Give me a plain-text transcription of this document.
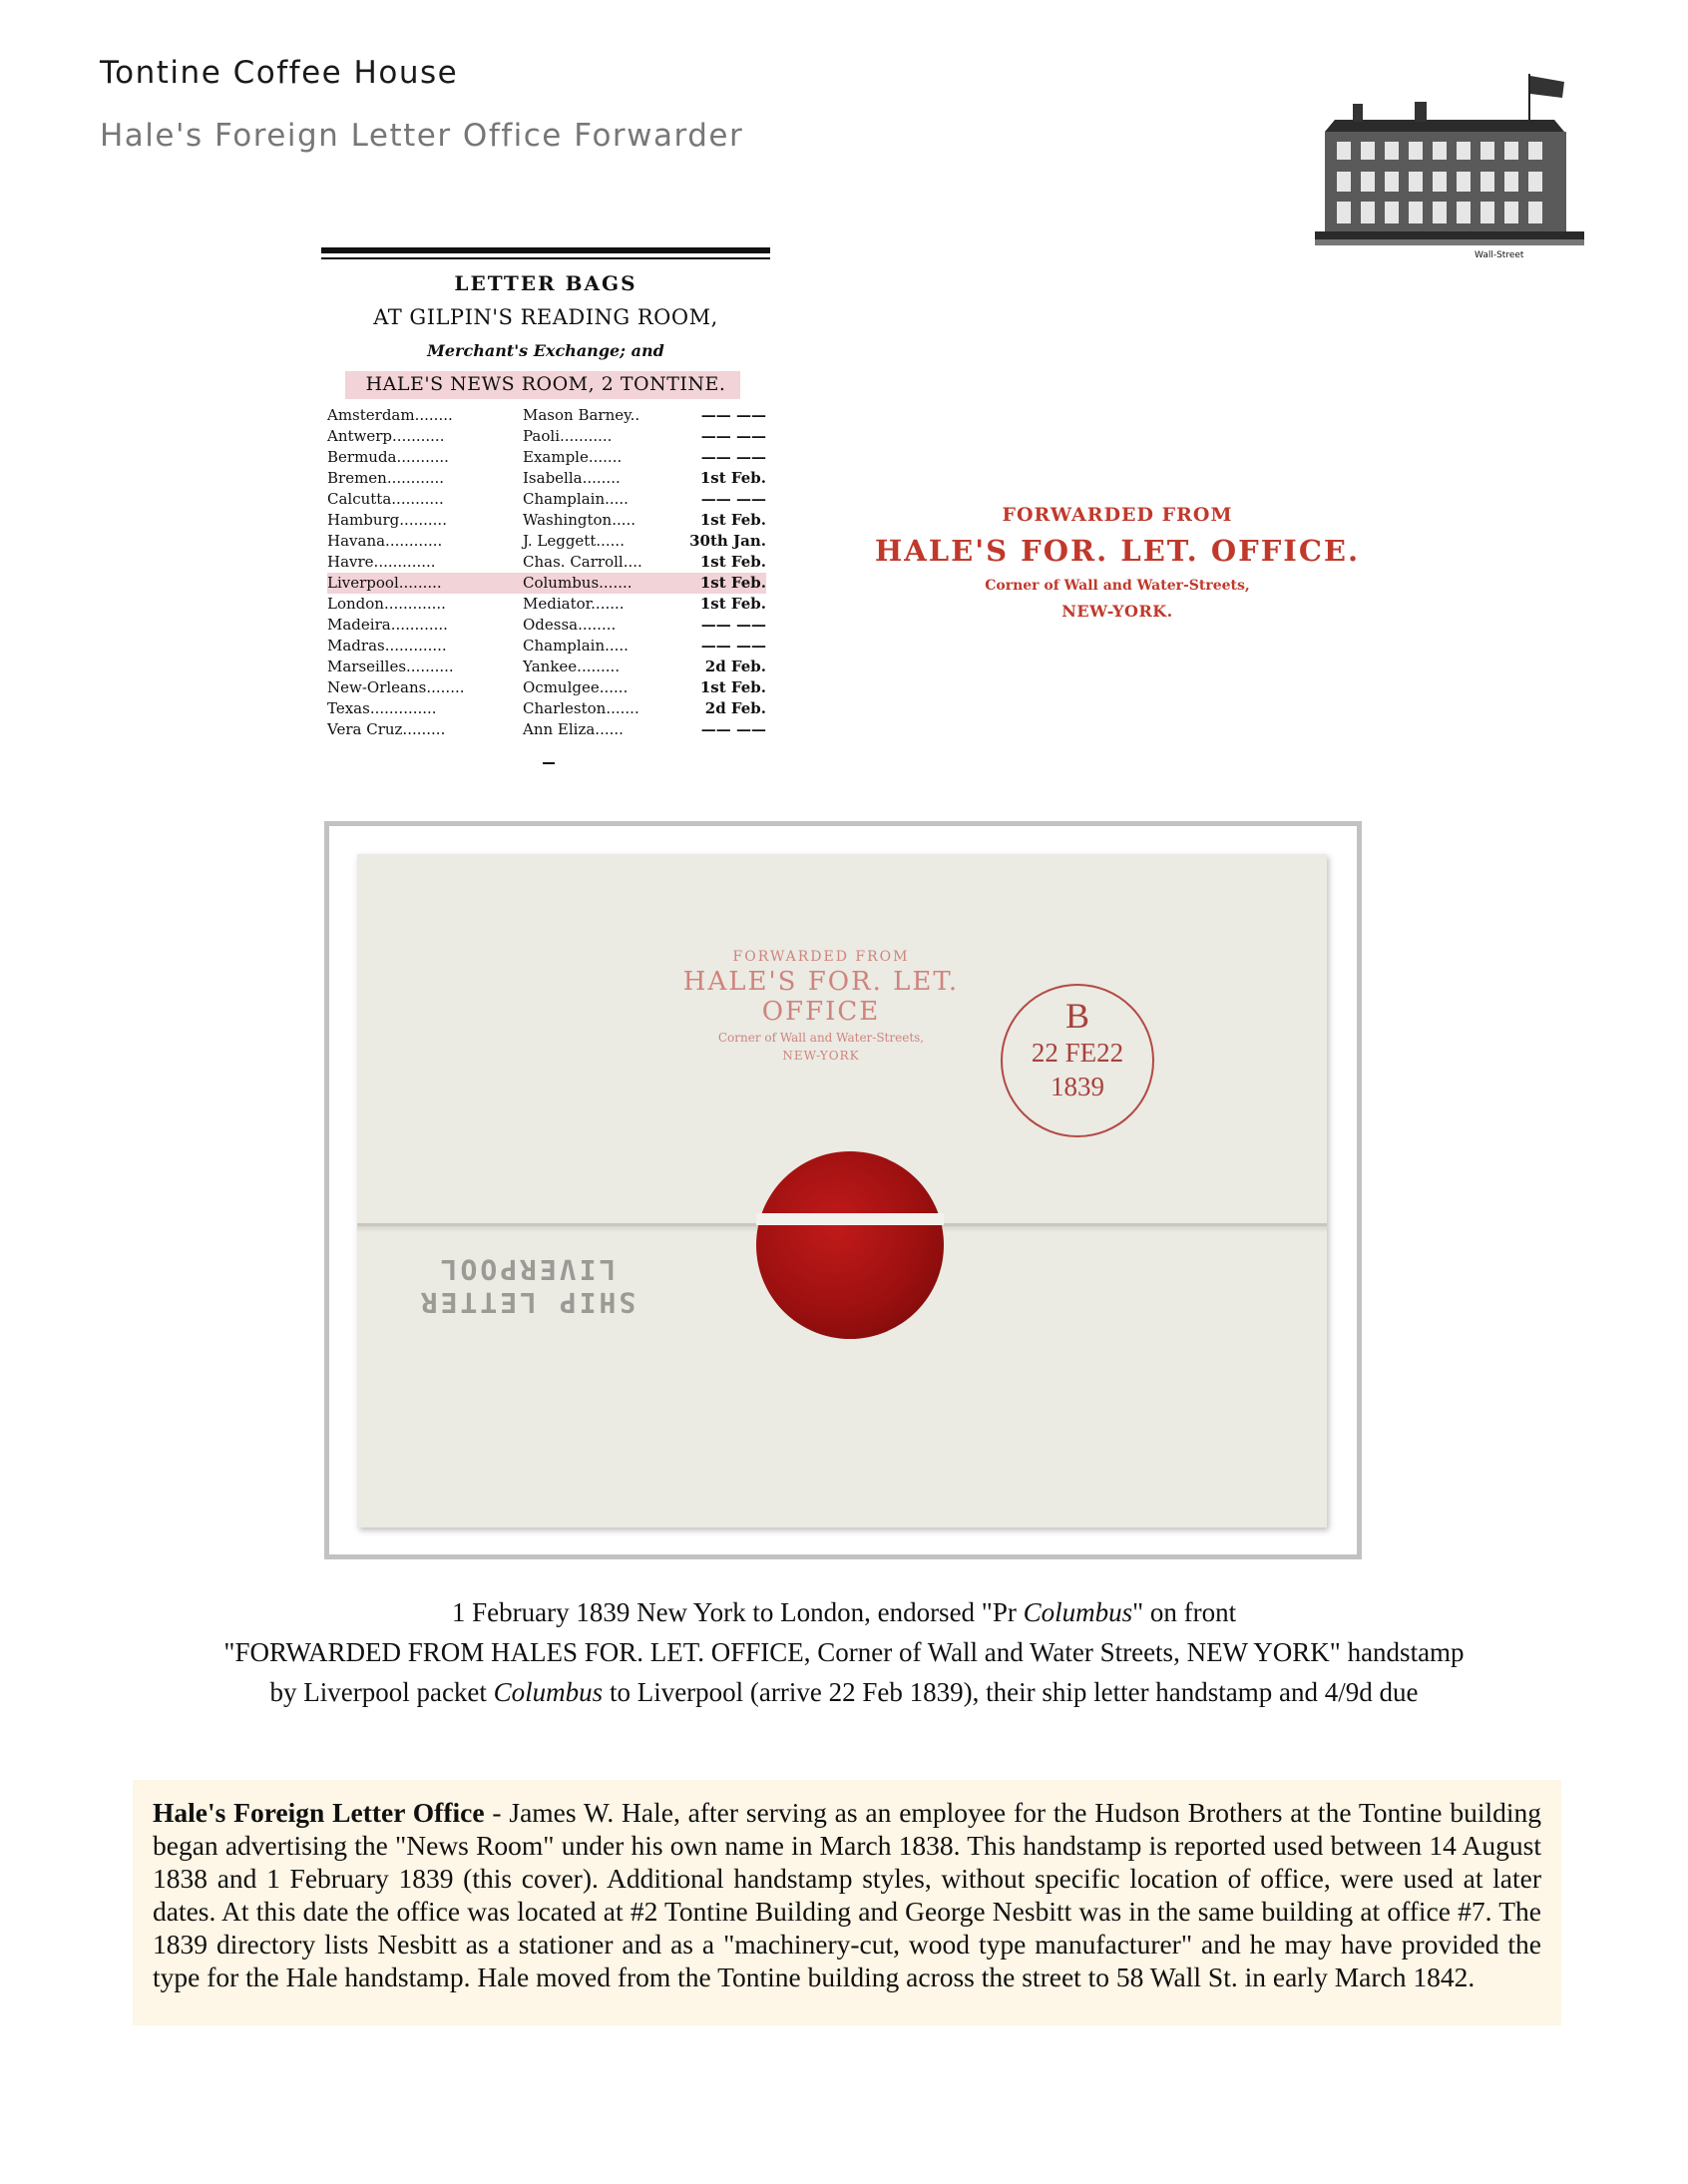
Tontine Coffee House
Hale's Foreign Letter Office Forwarder
Wall-Street
LETTER BAGS
AT GILPIN'S READING ROOM,
Merchant's Exchange; and
HALE'S NEWS ROOM, 2 TONTINE.
Amsterdam........	Mason Barney..	—— ——
Antwerp...........	Paoli...........	—— ——
Bermuda...........	Example.......	—— ——
Bremen............	Isabella........	1st Feb.
Calcutta...........	Champlain.....	—— ——
Hamburg..........	Washington.....	1st Feb.
Havana............	J. Leggett......	30th Jan.
Havre.............	Chas. Carroll....	1st Feb.
Liverpool.........	Columbus.......	1st Feb.
London.............	Mediator.......	1st Feb.
Madeira............	Odessa........	—— ——
Madras.............	Champlain.....	—— ——
Marseilles..........	Yankee.........	2d Feb.
New-Orleans........	Ocmulgee......	1st Feb.
Texas..............	Charleston.......	2d Feb.
Vera Cruz.........	Ann Eliza......	—— ——
FORWARDED FROM
HALE'S FOR. LET. OFFICE.
Corner of Wall and Water-Streets,
NEW-YORK.
FORWARDED FROM
HALE'S FOR. LET. OFFICE
Corner of Wall and Water-Streets,
NEW-YORK
B
22 FE22
1839
SHIP LETTER LIVERPOOL
1 February 1839 New York to London, endorsed "Pr Columbus" on front
"FORWARDED FROM HALES FOR. LET. OFFICE, Corner of Wall and Water Streets, NEW YORK" handstamp
by Liverpool packet Columbus to Liverpool (arrive 22 Feb 1839), their ship letter handstamp and 4/9d due
Hale's Foreign Letter Office - James W. Hale, after serving as an employee for the Hudson Brothers at the Tontine building began advertising the "News Room" under his own name in March 1838. This handstamp is reported used between 14 August 1838 and 1 February 1839 (this cover). Additional handstamp styles, without specific location of office, were used at later dates. At this date the office was located at #2 Tontine Building and George Nesbitt was in the same building at office #7. The 1839 directory lists Nesbitt as a stationer and as a "machinery-cut, wood type manufacturer" and he may have provided the type for the Hale handstamp. Hale moved from the Tontine building across the street to 58 Wall St. in early March 1842.
